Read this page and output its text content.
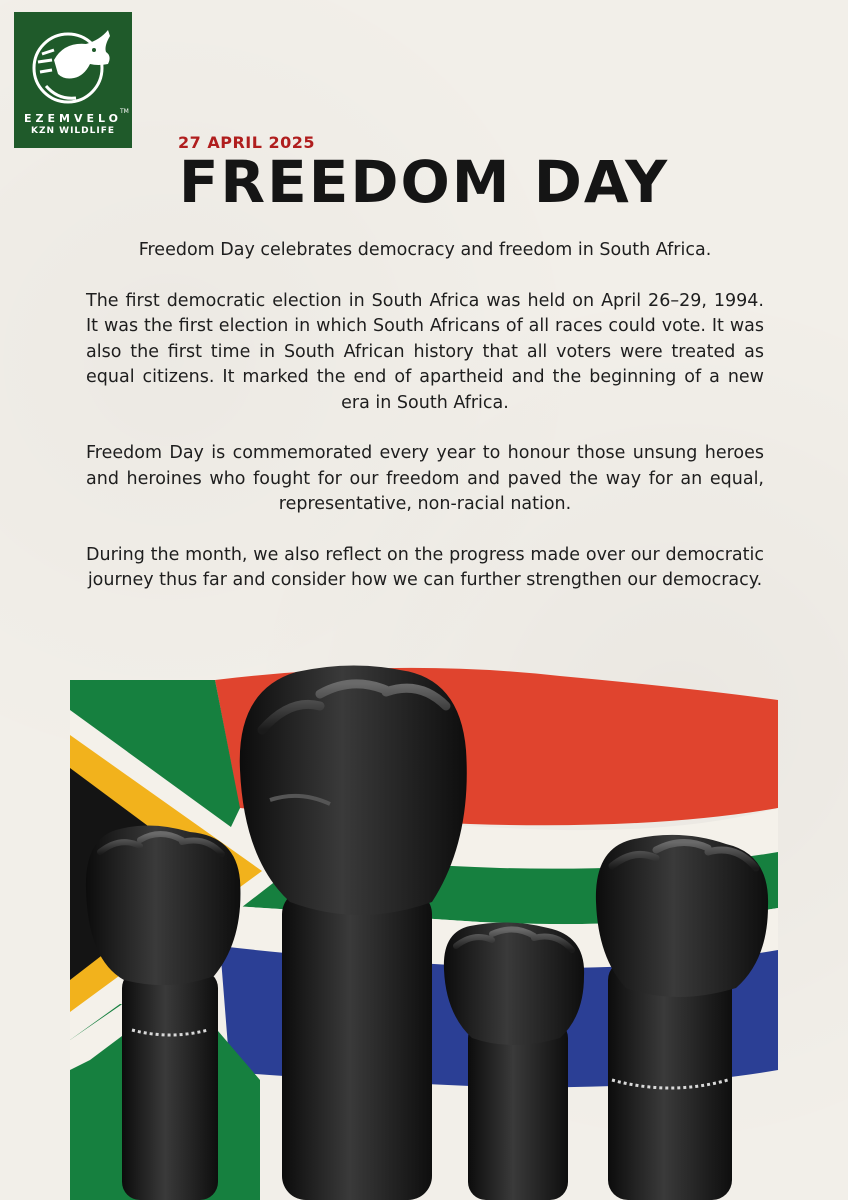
EZEMVELO
KZN WILDLIFE
TM
27 APRIL 2025
FREEDOM DAY

Freedom Day celebrates democracy and freedom in South Africa.

The first democratic election in South Africa was held on April 26–29, 1994. It was the first election in which South Africans of all races could vote. It was also the first time in South African history that all voters were treated as equal citizens. It marked the end of apartheid and the beginning of a new era in South Africa.

Freedom Day is commemorated every year to honour those unsung heroes and heroines who fought for our freedom and paved the way for an equal, representative, non-racial nation.

During the month, we also reflect on the progress made over our democratic journey thus far and consider how we can further strengthen our democracy.
